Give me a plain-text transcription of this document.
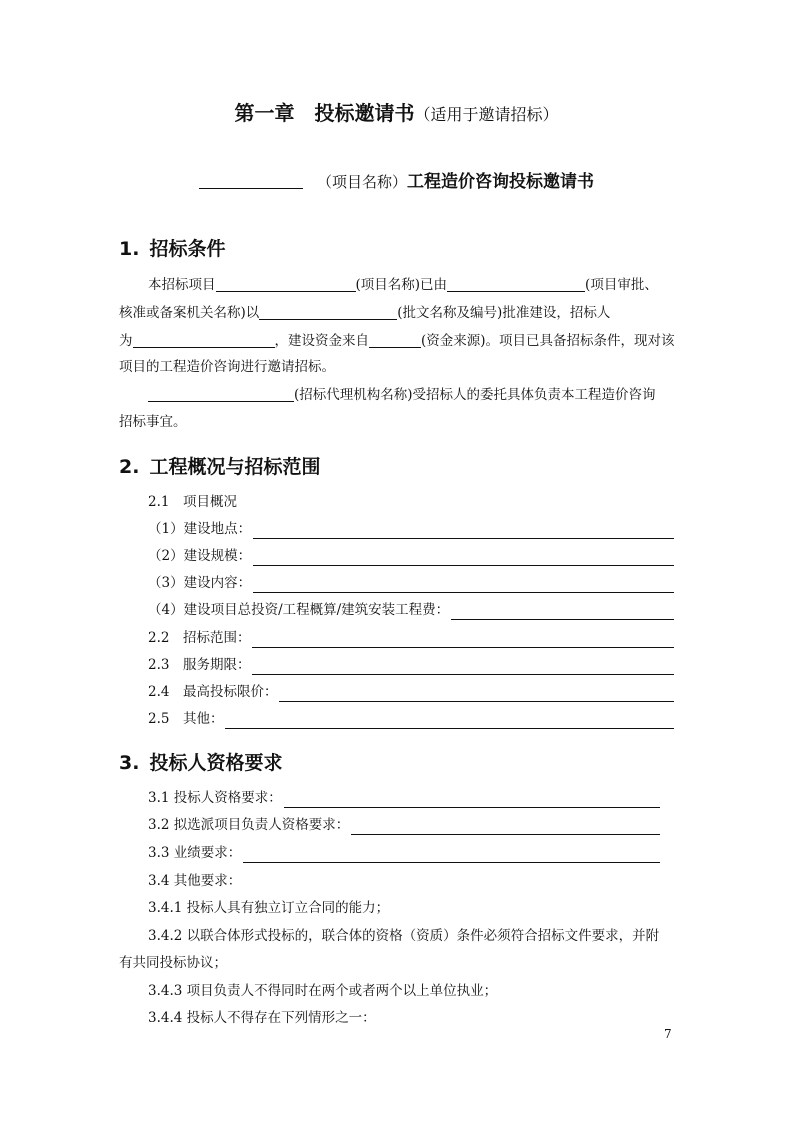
第一章　投标邀请书（适用于邀请招标）
（项目名称）工程造价咨询投标邀请书
1. 招标条件
本招标项目	(项目名称)已由	(项目审批、
核准或备案机关名称)以	(批文名称及编号)批准建设，招标人
为	，建设资金来自	(资金来源)。项目已具备招标条件，现对该
项目的工程造价咨询进行邀请招标。
(招标代理机构名称)受招标人的委托具体负责本工程造价咨询
招标事宜。
2. 工程概况与招标范围
2.1　项目概况
（1）建设地点：
（2）建设规模：
（3）建设内容：
（4）建设项目总投资/工程概算/建筑安装工程费：
2.2　招标范围：
2.3　服务期限：
2.4　最高投标限价：
2.5　其他：
3. 投标人资格要求
3.1 投标人资格要求：
3.2 拟选派项目负责人资格要求：
3.3 业绩要求：
3.4 其他要求：
3.4.1 投标人具有独立订立合同的能力；
3.4.2 以联合体形式投标的，联合体的资格（资质）条件必须符合招标文件要求，并附
有共同投标协议；
3.4.3 项目负责人不得同时在两个或者两个以上单位执业；
3.4.4 投标人不得存在下列情形之一：
7
